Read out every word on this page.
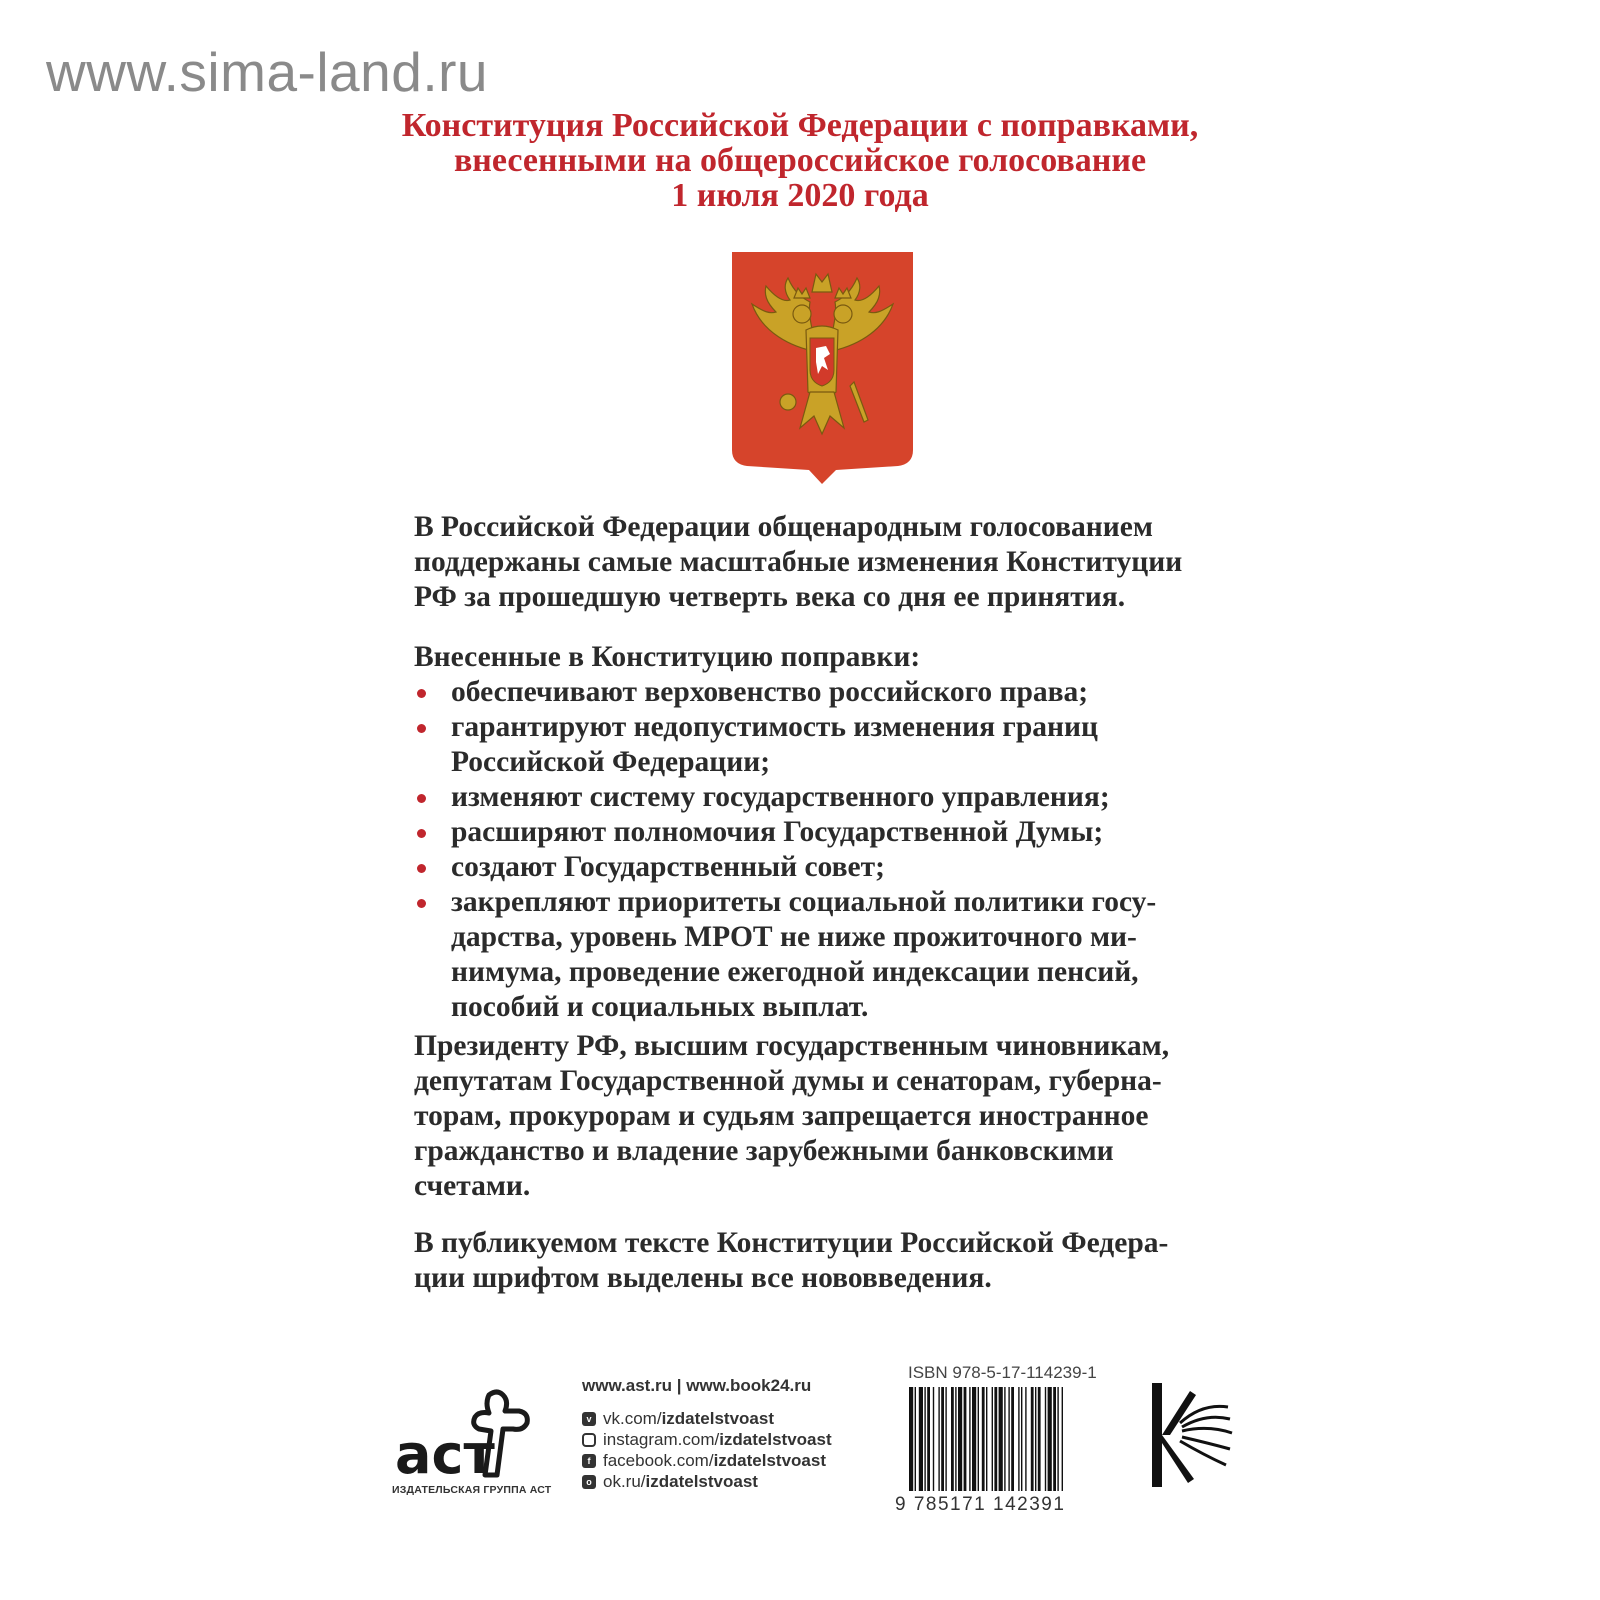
www.sima-land.ru
Конституция Российской Федерации с поправками,
внесенными на общероссийское голосование
1 июля 2020 года

В Российской Федерации общенародным голосованием

поддержаны самые масштабные изменения Конституции

РФ за прошедшую четверть века со дня ее принятия.

Внесенные в Конституцию поправки:

обеспечивают верховенство российского права;
гарантируют недопустимость изменения границ
Российской Федерации;
изменяют систему государственного управления;
расширяют полномочия Государственной Думы;
создают Государственный совет;
закрепляют приоритеты социальной политики госу-
дарства, уровень МРОТ не ниже прожиточного ми-
нимума, проведение ежегодной индексации пенсий,
пособий и социальных выплат.

Президенту РФ, высшим государственным чиновникам,

депутатам Государственной думы и сенаторам, губерна-

торам, прокурорам и судьям запрещается иностранное

гражданство и владение зарубежными банковскими

счетами.

В публикуемом тексте Конституции Российской Федера-

ции шрифтом выделены все нововведения.

аст
ИЗДАТЕЛЬСКАЯ ГРУППА АСТ
www.ast.ru | www.book24.ru
v vk.com/ izdatelstvoast
instagram.com/ izdatelstvoast
f facebook.com/ izdatelstvoast
o ok.ru/ izdatelstvoast
ISBN 978-5-17-114239-1
9 785171 142391
